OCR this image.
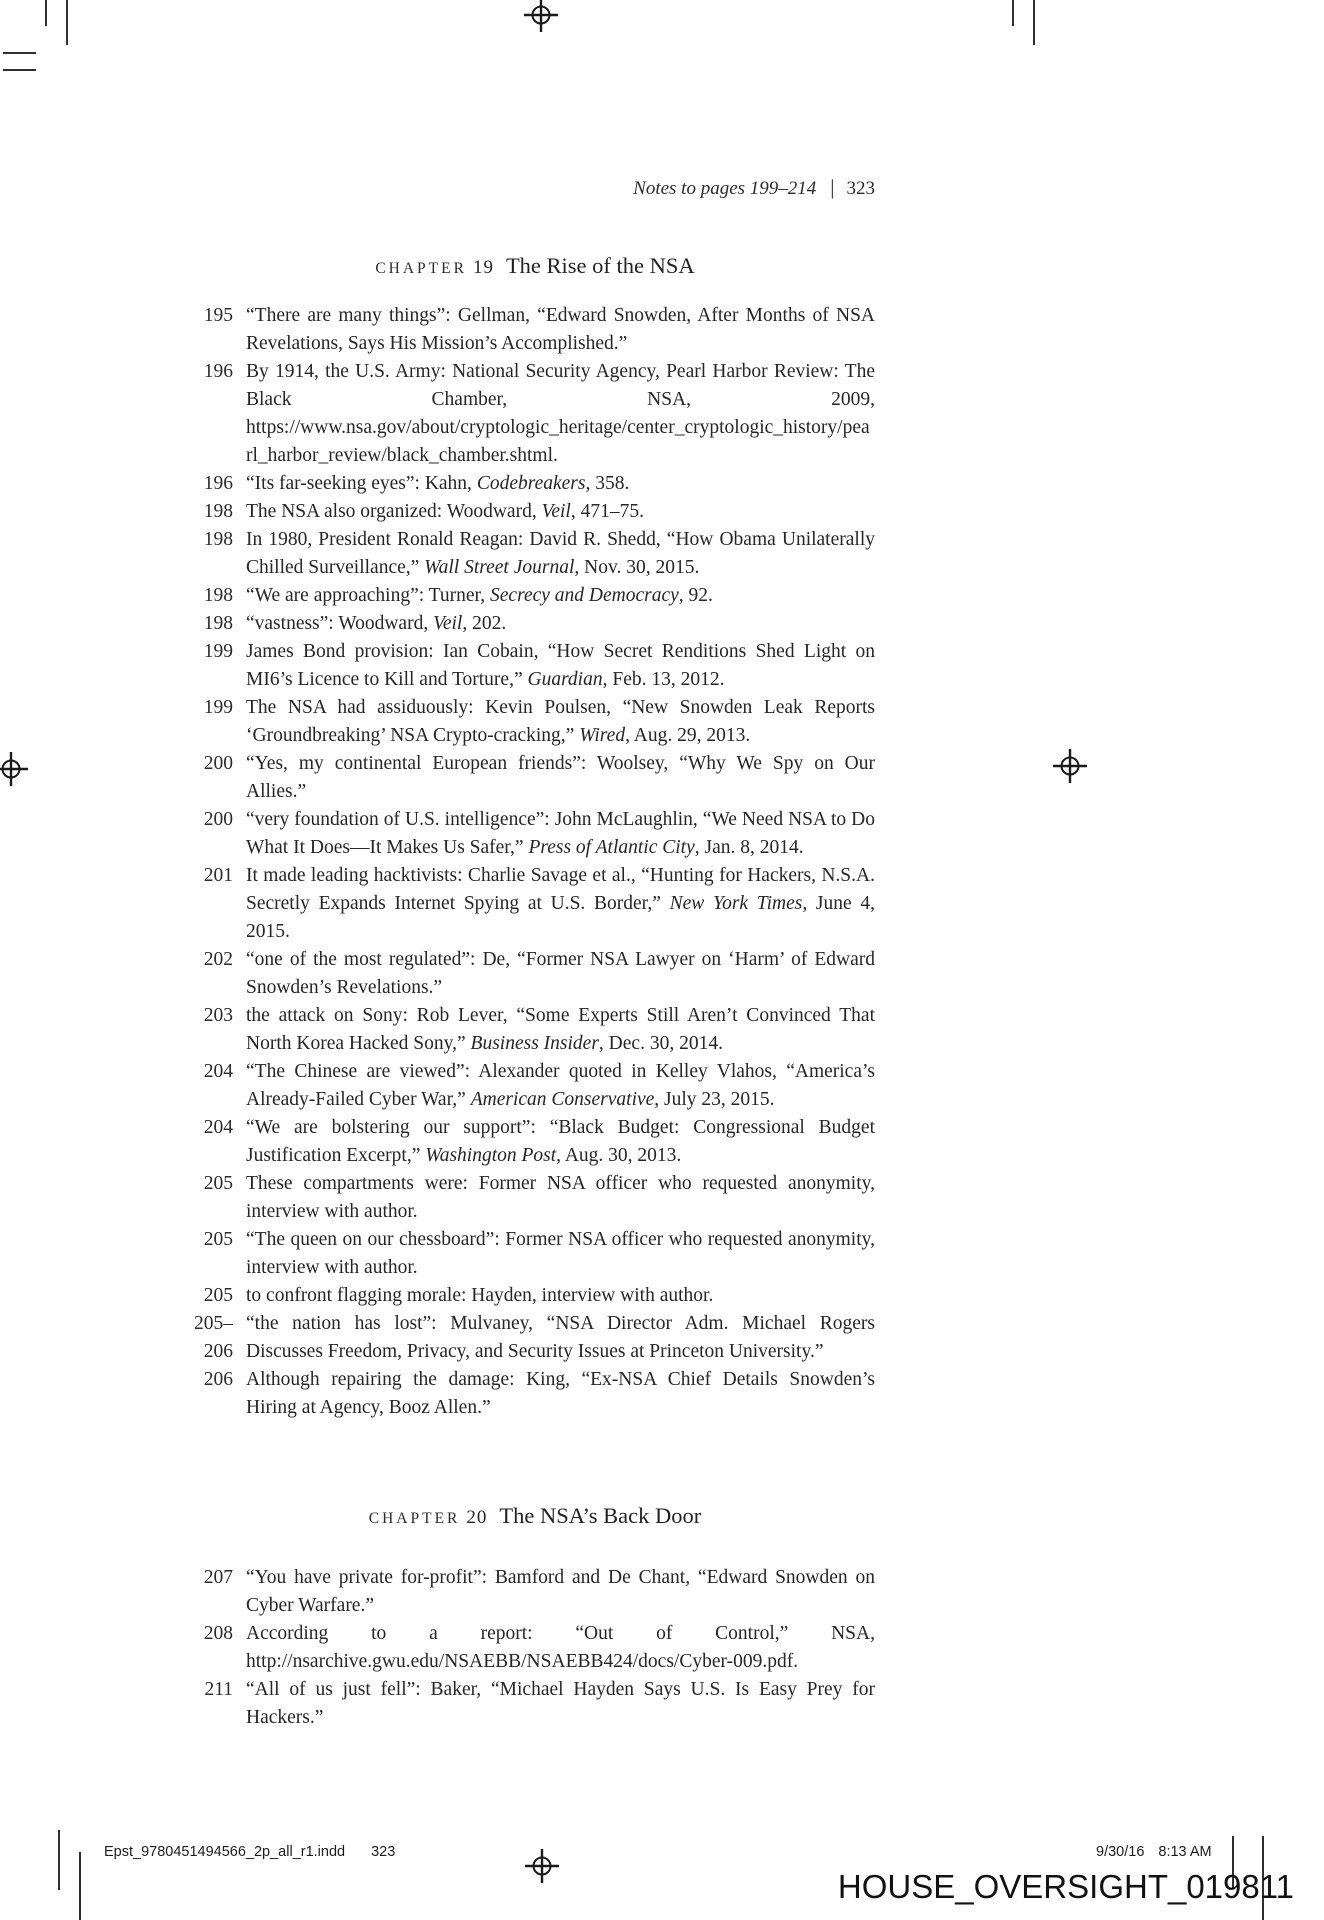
Notes to pages 199–214 | 323
CHAPTER 19 The Rise of the NSA
195 “There are many things”: Gellman, “Edward Snowden, After Months of NSA Revelations, Says His Mission’s Accomplished.”
196 By 1914, the U.S. Army: National Security Agency, Pearl Harbor Review: The Black Chamber, NSA, 2009, https://www.nsa.gov/about/cryptologic_heritage/center_cryptologic_history/pearl_harbor_review/black_chamber.shtml.
196 “Its far-seeking eyes”: Kahn, Codebreakers, 358.
198 The NSA also organized: Woodward, Veil, 471–75.
198 In 1980, President Ronald Reagan: David R. Shedd, “How Obama Unilaterally Chilled Surveillance,” Wall Street Journal, Nov. 30, 2015.
198 “We are approaching”: Turner, Secrecy and Democracy, 92.
198 “vastness”: Woodward, Veil, 202.
199 James Bond provision: Ian Cobain, “How Secret Renditions Shed Light on MI6’s Licence to Kill and Torture,” Guardian, Feb. 13, 2012.
199 The NSA had assiduously: Kevin Poulsen, “New Snowden Leak Reports ‘Groundbreaking’ NSA Crypto-cracking,” Wired, Aug. 29, 2013.
200 “Yes, my continental European friends”: Woolsey, “Why We Spy on Our Allies.”
200 “very foundation of U.S. intelligence”: John McLaughlin, “We Need NSA to Do What It Does—It Makes Us Safer,” Press of Atlantic City, Jan. 8, 2014.
201 It made leading hacktivists: Charlie Savage et al., “Hunting for Hackers, N.S.A. Secretly Expands Internet Spying at U.S. Border,” New York Times, June 4, 2015.
202 “one of the most regulated”: De, “Former NSA Lawyer on ‘Harm’ of Edward Snowden’s Revelations.”
203 the attack on Sony: Rob Lever, “Some Experts Still Aren’t Convinced That North Korea Hacked Sony,” Business Insider, Dec. 30, 2014.
204 “The Chinese are viewed”: Alexander quoted in Kelley Vlahos, “America’s Already-Failed Cyber War,” American Conservative, July 23, 2015.
204 “We are bolstering our support”: “Black Budget: Congressional Budget Justification Excerpt,” Washington Post, Aug. 30, 2013.
205 These compartments were: Former NSA officer who requested anonymity, interview with author.
205 “The queen on our chessboard”: Former NSA officer who requested anonymity, interview with author.
205 to confront flagging morale: Hayden, interview with author.
205–206
“the nation has lost”: Mulvaney, “NSA Director Adm. Michael Rogers Discusses Freedom, Privacy, and Security Issues at Princeton University.”
206 Although repairing the damage: King, “Ex-NSA Chief Details Snowden’s Hiring at Agency, Booz Allen.”
CHAPTER 20 The NSA’s Back Door
207 “You have private for-profit”: Bamford and De Chant, “Edward Snowden on Cyber Warfare.”
208 According to a report: “Out of Control,” NSA, http://nsarchive.gwu.edu/NSAEBB/NSAEBB424/docs/Cyber-009.pdf.
211 “All of us just fell”: Baker, “Michael Hayden Says U.S. Is Easy Prey for Hackers.”
Epst_9780451494566_2p_all_r1.indd 323	9/30/16 8:13 AM
HOUSE_OVERSIGHT_019811
